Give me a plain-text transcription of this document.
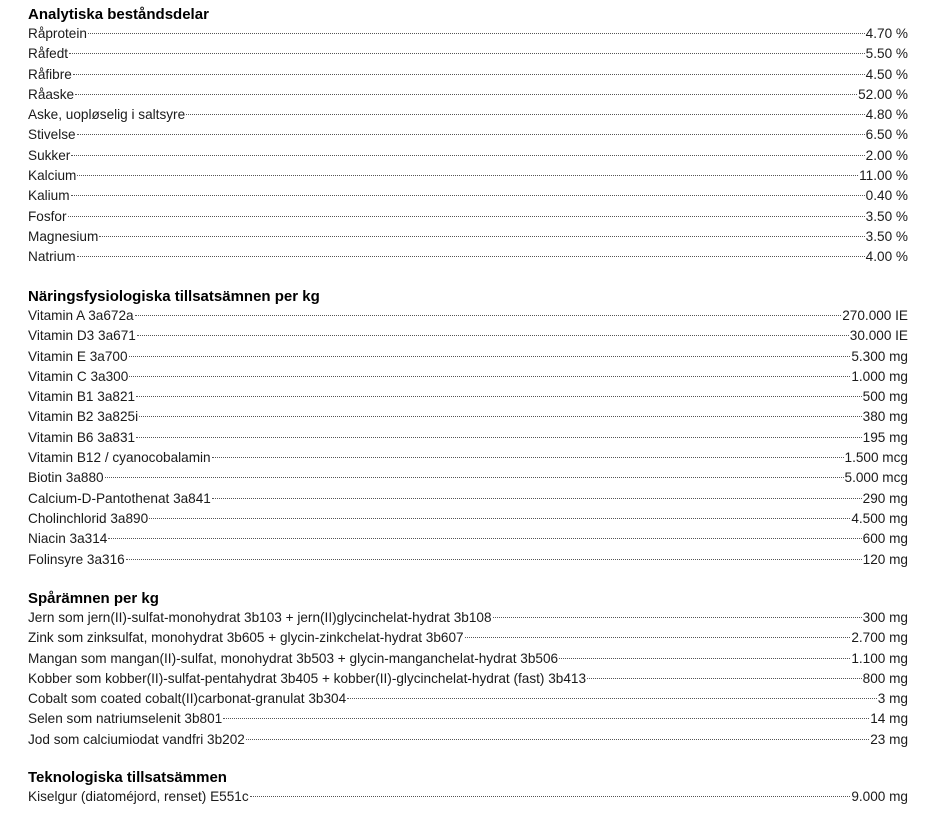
Analytiska beståndsdelar
Råprotein	4.70 %
Råfedt	5.50 %
Råfibre	4.50 %
Råaske	52.00 %
Aske, uopløselig i saltsyre	4.80 %
Stivelse	6.50 %
Sukker	2.00 %
Kalcium	11.00 %
Kalium	0.40 %
Fosfor	3.50 %
Magnesium	3.50 %
Natrium	4.00 %
Näringsfysiologiska tillsatsämnen per kg
Vitamin A 3a672a	270.000 IE
Vitamin D3 3a671	30.000 IE
Vitamin E 3a700	5.300 mg
Vitamin C 3a300	1.000 mg
Vitamin B1 3a821	500 mg
Vitamin B2 3a825i	380 mg
Vitamin B6 3a831	195 mg
Vitamin B12 / cyanocobalamin	1.500 mcg
Biotin 3a880	5.000 mcg
Calcium-D-Pantothenat 3a841	290 mg
Cholinchlorid 3a890	4.500 mg
Niacin 3a314	600 mg
Folinsyre 3a316	120 mg
Spårämnen per kg
Jern som jern(II)-sulfat-monohydrat 3b103 + jern(II)glycinchelat-hydrat 3b108	300 mg
Zink som zinksulfat, monohydrat 3b605 + glycin-zinkchelat-hydrat 3b607	2.700 mg
Mangan som mangan(II)-sulfat, monohydrat 3b503 + glycin-manganchelat-hydrat 3b506	1.100 mg
Kobber som kobber(II)-sulfat-pentahydrat 3b405 + kobber(II)-glycinchelat-hydrat (fast) 3b413	800 mg
Cobalt som coated cobalt(II)carbonat-granulat 3b304	3 mg
Selen som natriumselenit 3b801	14 mg
Jod som calciumiodat vandfri 3b202	23 mg
Teknologiska tillsatsämmen
Kiselgur (diatoméjord, renset) E551c	9.000 mg
